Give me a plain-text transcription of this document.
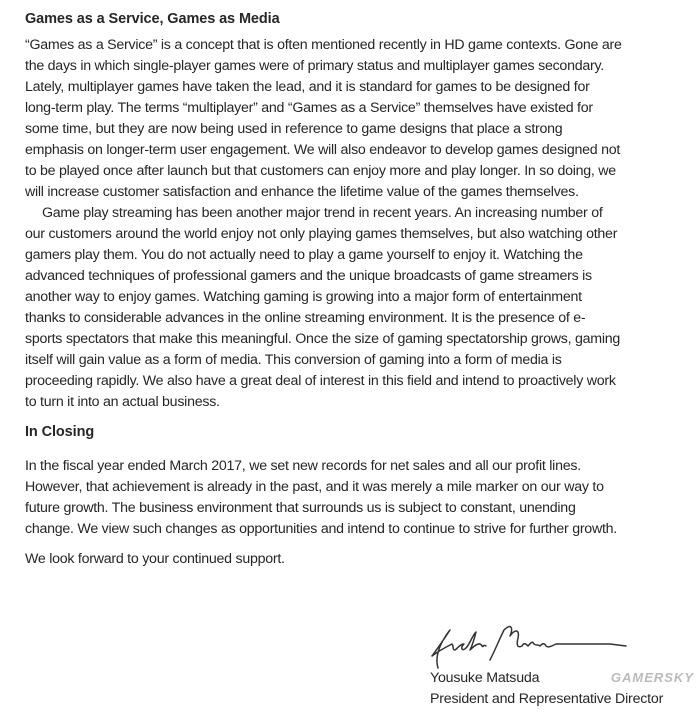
Games as a Service, Games as Media
“Games as a Service” is a concept that is often mentioned recently in HD game contexts. Gone are
the days in which single-player games were of primary status and multiplayer games secondary.
Lately, multiplayer games have taken the lead, and it is standard for games to be designed for
long-term play. The terms “multiplayer” and “Games as a Service” themselves have existed for
some time, but they are now being used in reference to game designs that place a strong
emphasis on longer-term user engagement. We will also endeavor to develop games designed not
to be played once after launch but that customers can enjoy more and play longer. In so doing, we
will increase customer satisfaction and enhance the lifetime value of the games themselves.
Game play streaming has been another major trend in recent years. An increasing number of
our customers around the world enjoy not only playing games themselves, but also watching other
gamers play them. You do not actually need to play a game yourself to enjoy it. Watching the
advanced techniques of professional gamers and the unique broadcasts of game streamers is
another way to enjoy games. Watching gaming is growing into a major form of entertainment
thanks to considerable advances in the online streaming environment. It is the presence of e-
sports spectators that make this meaningful. Once the size of gaming spectatorship grows, gaming
itself will gain value as a form of media. This conversion of gaming into a form of media is
proceeding rapidly. We also have a great deal of interest in this field and intend to proactively work
to turn it into an actual business.
In Closing
In the fiscal year ended March 2017, we set new records for net sales and all our profit lines.
However, that achievement is already in the past, and it was merely a mile marker on our way to
future growth. The business environment that surrounds us is subject to constant, unending
change. We view such changes as opportunities and intend to continue to strive for further growth.
We look forward to your continued support.
Yousuke Matsuda
President and Representative Director
GAMERSKY
